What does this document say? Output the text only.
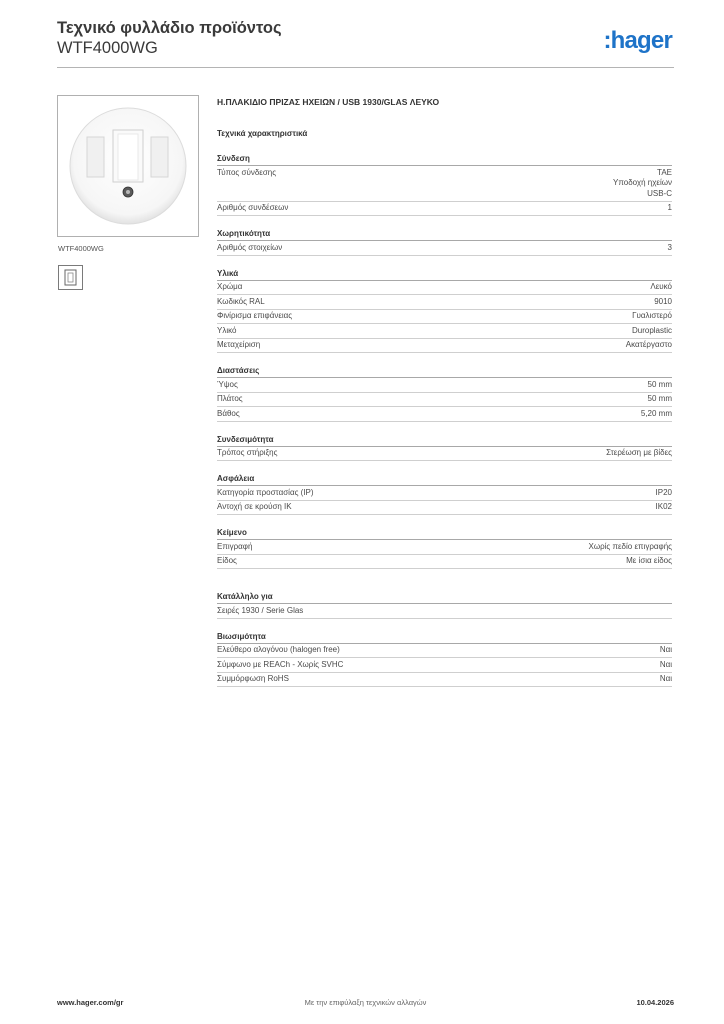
Τεχνικό φυλλάδιο προϊόντος
WTF4000WG	:hager
WTF4000WG
Η.ΠΛΑΚΙΔΙΟ ΠΡΙΖΑΣ ΗΧΕΙΩΝ / USB 1930/GLAS ΛΕΥΚΟ
Τεχνικά χαρακτηριστικά
Σύνδεση
Τύπος σύνδεσης	TAE
Υποδοχή ηχείων
USB-C
Αριθμός συνδέσεων	1
Χωρητικότητα
Αριθμός στοιχείων	3
Υλικά
Χρώμα	Λευκό
Κωδικός RAL	9010
Φινίρισμα επιφάνειας	Γυαλιστερό
Υλικό	Duroplastic
Μεταχείριση	Ακατέργαστο
Διαστάσεις
Ύψος	50 mm
Πλάτος	50 mm
Βάθος	5,20 mm
Συνδεσιμότητα
Τρόπος στήριξης	Στερέωση με βίδες
Ασφάλεια
Κατηγορία προστασίας (IP)	IP20
Αντοχή σε κρούση IK	IK02
Κείμενο
Επιγραφή	Χωρίς πεδίο επιγραφής
Είδος	Με ίσια είδος
Κατάλληλο για
Σειρές 1930 / Serie Glas
Βιωσιμότητα
Ελεύθερο αλογόνου (halogen free)	Ναι
Σύμφωνο με REACh - Χωρίς SVHC	Ναι
Συμμόρφωση RoHS	Ναι
www.hager.com/gr	Με την επιφύλαξη τεχνικών αλλαγών	10.04.2026
